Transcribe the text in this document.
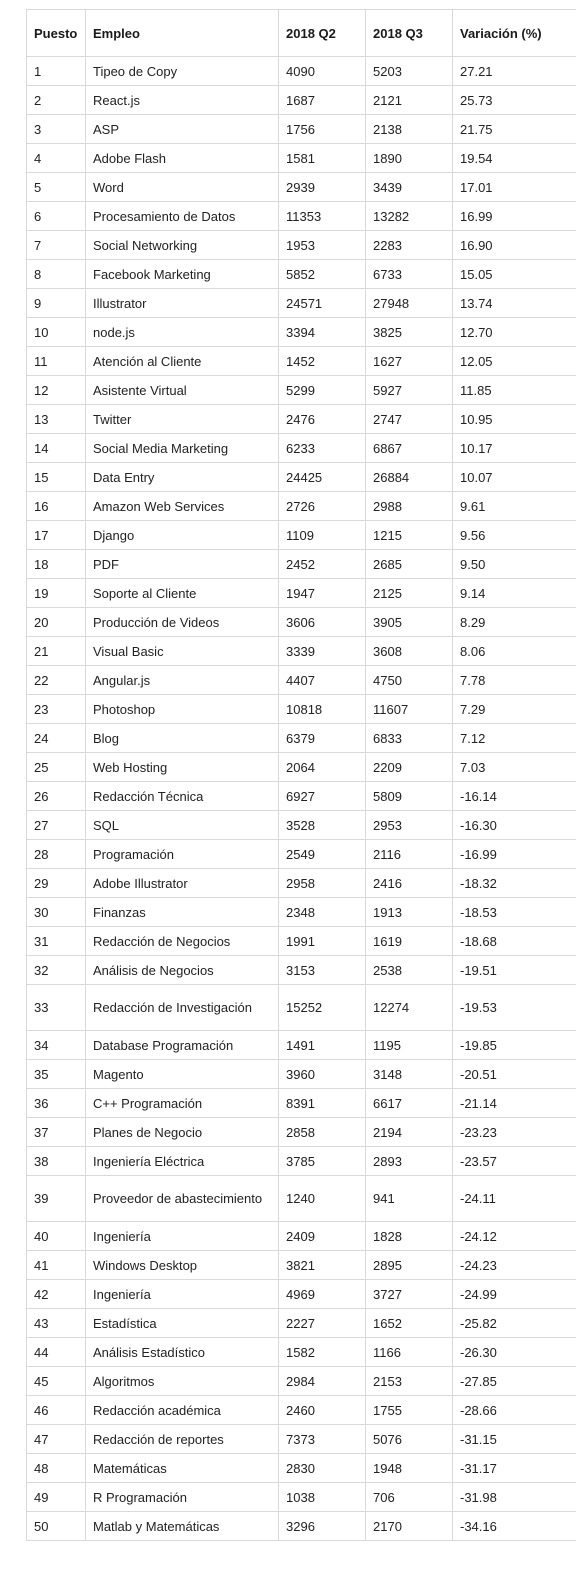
Puesto	Empleo	2018 Q2	2018 Q3	Variación (%)
1	Tipeo de Copy	4090	5203	27.21
2	React.js	1687	2121	25.73
3	ASP	1756	2138	21.75
4	Adobe Flash	1581	1890	19.54
5	Word	2939	3439	17.01
6	Procesamiento de Datos	11353	13282	16.99
7	Social Networking	1953	2283	16.90
8	Facebook Marketing	5852	6733	15.05
9	Illustrator	24571	27948	13.74
10	node.js	3394	3825	12.70
11	Atención al Cliente	1452	1627	12.05
12	Asistente Virtual	5299	5927	11.85
13	Twitter	2476	2747	10.95
14	Social Media Marketing	6233	6867	10.17
15	Data Entry	24425	26884	10.07
16	Amazon Web Services	2726	2988	9.61
17	Django	1109	1215	9.56
18	PDF	2452	2685	9.50
19	Soporte al Cliente	1947	2125	9.14
20	Producción de Videos	3606	3905	8.29
21	Visual Basic	3339	3608	8.06
22	Angular.js	4407	4750	7.78
23	Photoshop	10818	11607	7.29
24	Blog	6379	6833	7.12
25	Web Hosting	2064	2209	7.03
26	Redacción Técnica	6927	5809	-16.14
27	SQL	3528	2953	-16.30
28	Programación	2549	2116	-16.99
29	Adobe Illustrator	2958	2416	-18.32
30	Finanzas	2348	1913	-18.53
31	Redacción de Negocios	1991	1619	-18.68
32	Análisis de Negocios	3153	2538	-19.51
33	Redacción de Investigación	15252	12274	-19.53
34	Database Programación	1491	1195	-19.85
35	Magento	3960	3148	-20.51
36	C++ Programación	8391	6617	-21.14
37	Planes de Negocio	2858	2194	-23.23
38	Ingeniería Eléctrica	3785	2893	-23.57
39	Proveedor de abastecimiento	1240	941	-24.11
40	Ingeniería	2409	1828	-24.12
41	Windows Desktop	3821	2895	-24.23
42	Ingeniería	4969	3727	-24.99
43	Estadística	2227	1652	-25.82
44	Análisis Estadístico	1582	1166	-26.30
45	Algoritmos	2984	2153	-27.85
46	Redacción académica	2460	1755	-28.66
47	Redacción de reportes	7373	5076	-31.15
48	Matemáticas	2830	1948	-31.17
49	R Programación	1038	706	-31.98
50	Matlab y Matemáticas	3296	2170	-34.16
